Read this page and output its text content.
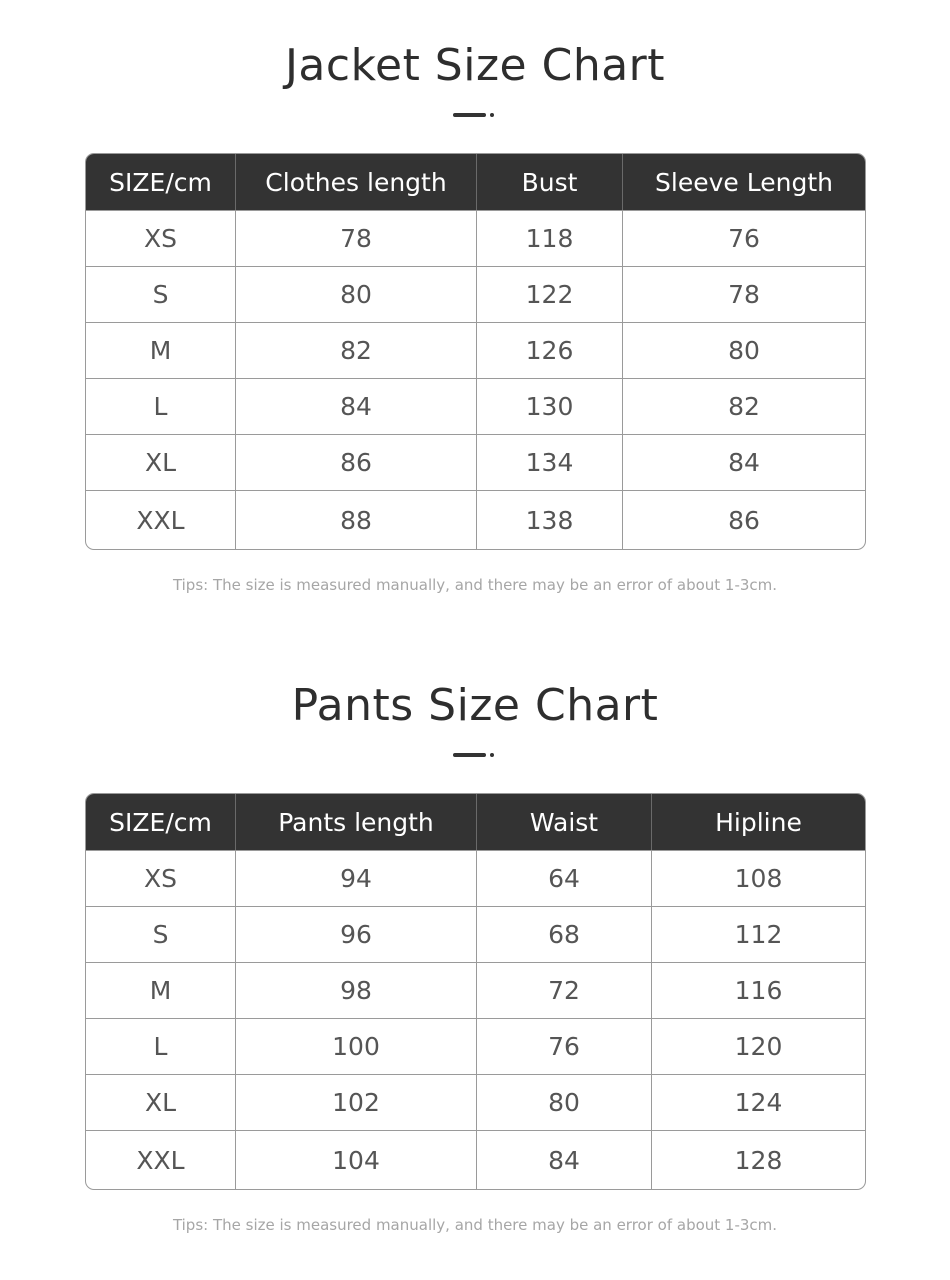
Jacket Size Chart
SIZE/cm	Clothes length	Bust	Sleeve Length
XS	78	118	76
S	80	122	78
M	82	126	80
L	84	130	82
XL	86	134	84
XXL	88	138	86

Tips: The size is measured manually, and there may be an error of about 1-3cm.

Pants Size Chart
SIZE/cm	Pants length	Waist	Hipline
XS	94	64	108
S	96	68	112
M	98	72	116
L	100	76	120
XL	102	80	124
XXL	104	84	128

Tips: The size is measured manually, and there may be an error of about 1-3cm.
